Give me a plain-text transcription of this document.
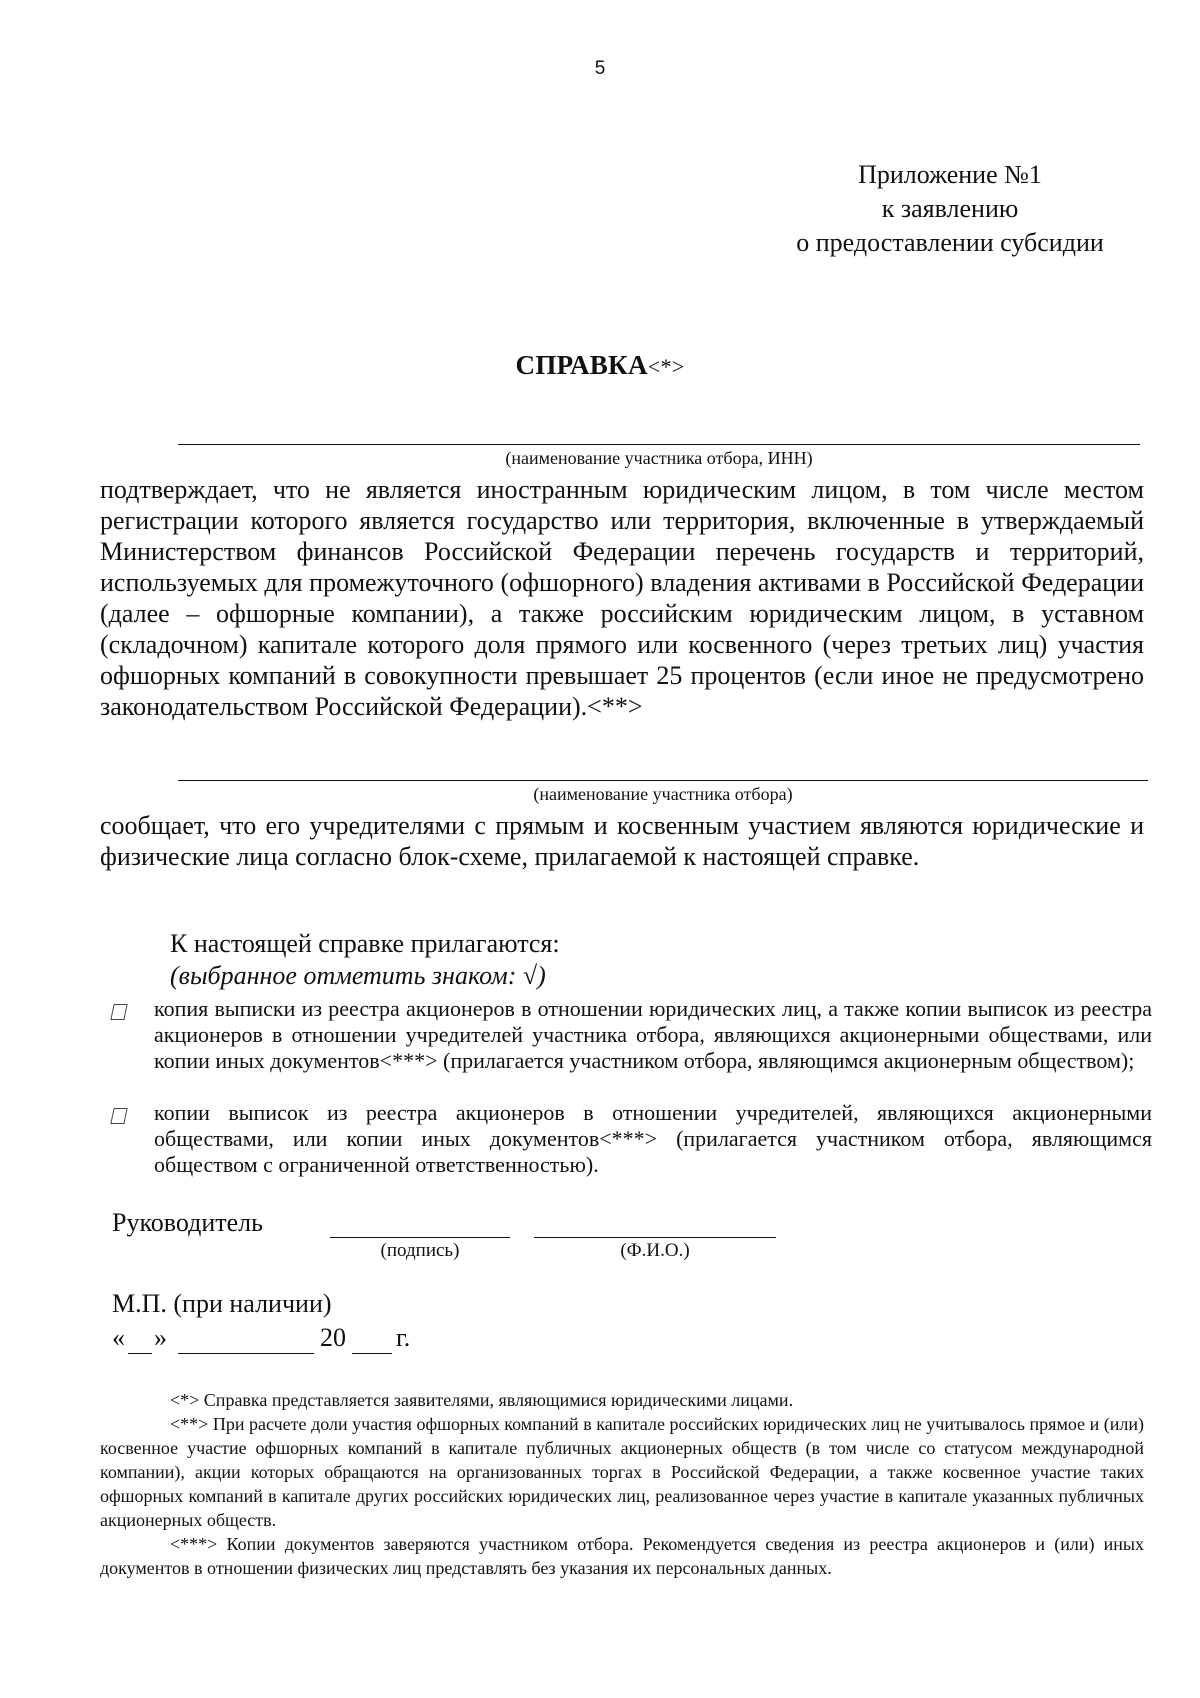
5
Приложение №1
к заявлению
о предоставлении субсидии
СПРАВКА<*>
(наименование участника отбора, ИНН)

подтверждает, что не является иностранным юридическим лицом, в том числе местом регистрации которого является государство или территория, включенные в утверждаемый Министерством финансов Российской Федерации перечень государств и территорий, используемых для промежуточного (офшорного) владения активами в Российской Федерации (далее – офшорные компании), а также российским юридическим лицом, в уставном (складочном) капитале которого доля прямого или косвенного (через третьих лиц) участия офшорных компаний в совокупности превышает 25 процентов (если иное не предусмотрено законодательством Российской Федерации).<**>

(наименование участника отбора)

сообщает, что его учредителями с прямым и косвенным участием являются юридические и физические лица согласно блок-схеме, прилагаемой к настоящей справке.

К настоящей справке прилагаются:
(выбранное отметить знаком: √)

копия выписки из реестра акционеров в отношении юридических лиц, а также копии выписок из реестра акционеров в отношении учредителей участника отбора, являющихся акционерными обществами, или копии иных документов<***> (прилагается участником отбора, являющимся акционерным обществом);

копии выписок из реестра акционеров в отношении учредителей, являющихся акционерными обществами, или копии иных документов<***> (прилагается участником отбора, являющимся обществом с ограниченной ответственностью).

Руководитель
(подпись)	(Ф.И.О.)
М.П. (при наличии)
« »	20 г.

<*> Справка представляется заявителями, являющимися юридическими лицами.

<**> При расчете доли участия офшорных компаний в капитале российских юридических лиц не учитывалось прямое и (или) косвенное участие офшорных компаний в капитале публичных акционерных обществ (в том числе со статусом международной компании), акции которых обращаются на организованных торгах в Российской Федерации, а также косвенное участие таких офшорных компаний в капитале других российских юридических лиц, реализованное через участие в капитале указанных публичных акционерных обществ.

<***> Копии документов заверяются участником отбора. Рекомендуется сведения из реестра акционеров и (или) иных документов в отношении физических лиц представлять без указания их персональных данных.
